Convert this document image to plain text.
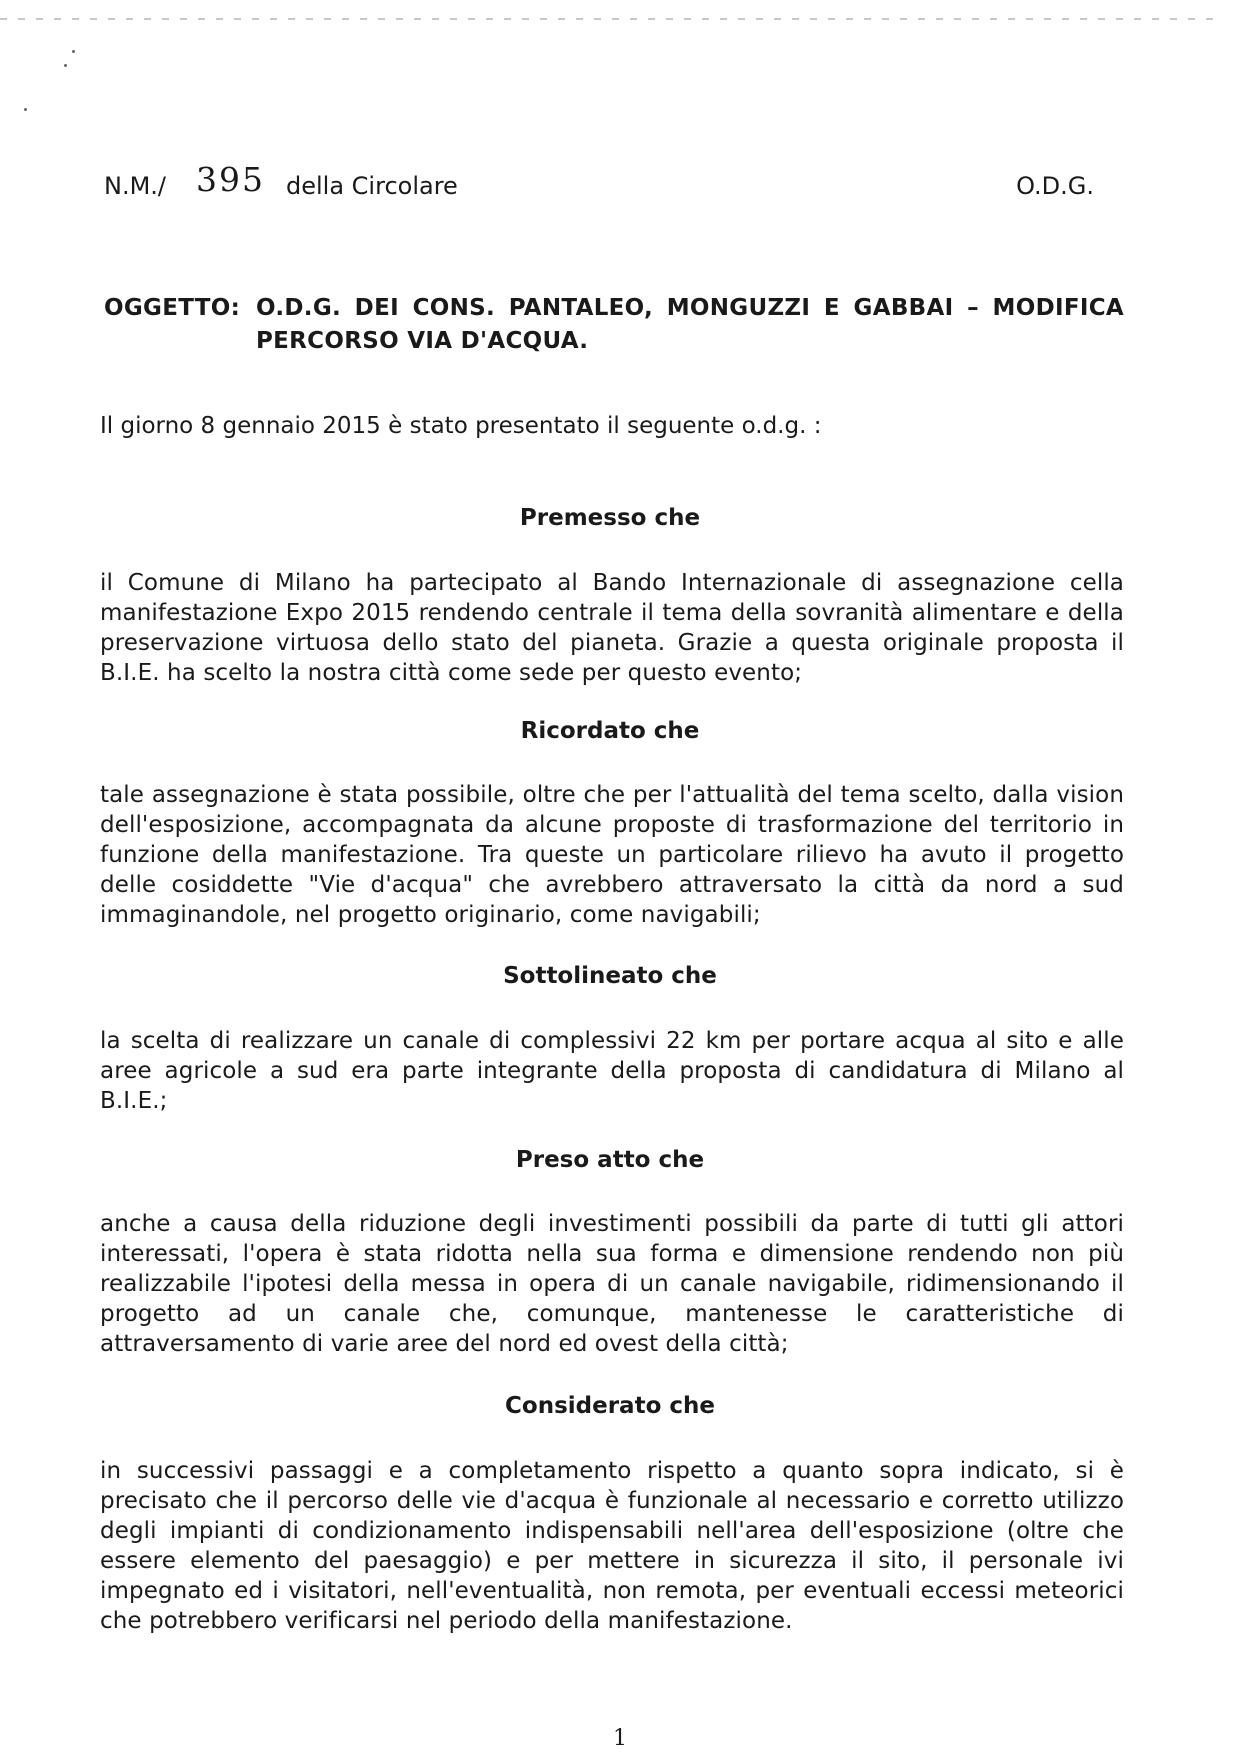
N.M./ 395 della Circolare	O.D.G.
OGGETTO: O.D.G. DEI CONS. PANTALEO, MONGUZZI E GABBAI – MODIFICA
PERCORSO VIA D'ACQUA.
Il giorno 8 gennaio 2015 è stato presentato il seguente o.d.g. :
Premesso che
il Comune di Milano ha partecipato al Bando Internazionale di assegnazione cella manifestazione Expo 2015 rendendo centrale il tema della sovranità alimentare e della preservazione virtuosa dello stato del pianeta. Grazie a questa originale proposta il B.I.E. ha scelto la nostra città come sede per questo evento;
Ricordato che
tale assegnazione è stata possibile, oltre che per l'attualità del tema scelto, dalla vision dell'esposizione, accompagnata da alcune proposte di trasformazione del territorio in funzione della manifestazione. Tra queste un particolare rilievo ha avuto il progetto delle cosiddette "Vie d'acqua" che avrebbero attraversato la città da nord a sud immaginandole, nel progetto originario, come navigabili;
Sottolineato che
la scelta di realizzare un canale di complessivi 22 km per portare acqua al sito e alle aree agricole a sud era parte integrante della proposta di candidatura di Milano al B.I.E.;
Preso atto che
anche a causa della riduzione degli investimenti possibili da parte di tutti gli attori interessati, l'opera è stata ridotta nella sua forma e dimensione rendendo non più realizzabile l'ipotesi della messa in opera di un canale navigabile, ridimensionando il progetto ad un canale che, comunque, mantenesse le caratteristiche di attraversamento di varie aree del nord ed ovest della città;
Considerato che
in successivi passaggi e a completamento rispetto a quanto sopra indicato, si è precisato che il percorso delle vie d'acqua è funzionale al necessario e corretto utilizzo degli impianti di condizionamento indispensabili nell'area dell'esposizione (oltre che essere elemento del paesaggio) e per mettere in sicurezza il sito, il personale ivi impegnato ed i visitatori, nell'eventualità, non remota, per eventuali eccessi meteorici che potrebbero verificarsi nel periodo della manifestazione.
1
